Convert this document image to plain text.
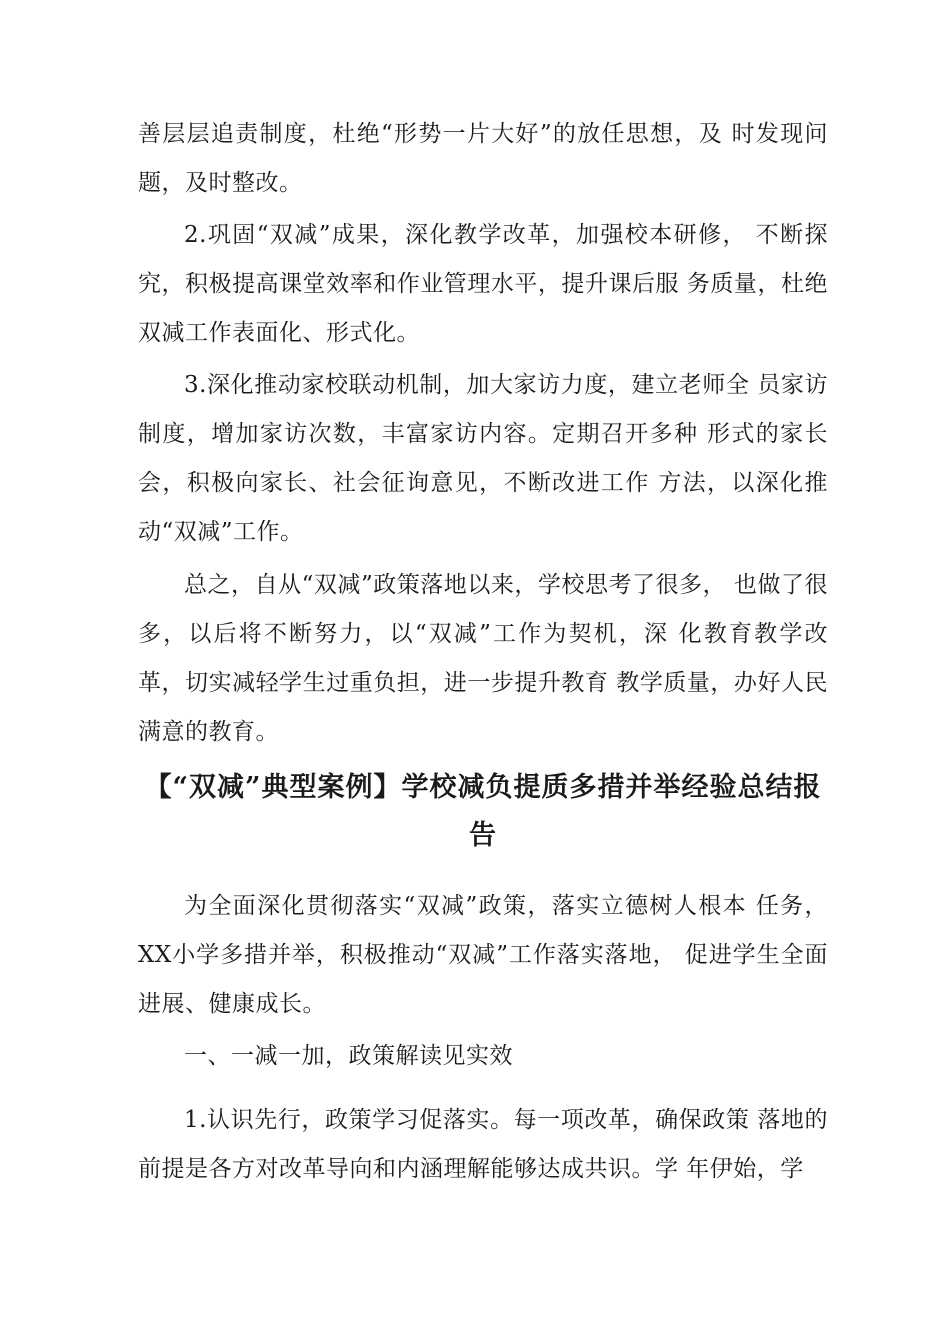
善层层追责制度，杜绝“形势一片大好”的放任思想，及 时发现问题，及时整改。

2.巩固“双减”成果，深化教学改革，加强校本研修， 不断探究，积极提高课堂效率和作业管理水平，提升课后服 务质量，杜绝双减工作表面化、形式化。

3.深化推动家校联动机制，加大家访力度，建立老师全 员家访制度，增加家访次数，丰富家访内容。定期召开多种 形式的家长会，积极向家长、社会征询意见，不断改进工作 方法，以深化推动“双减”工作。

总之，自从“双减”政策落地以来，学校思考了很多， 也做了很多，以后将不断努力，以“双减”工作为契机，深 化教育教学改革，切实减轻学生过重负担，进一步提升教育 教学质量，办好人民满意的教育。

【“双减”典型案例】学校减负提质多措并举经验总结报告

为全面深化贯彻落实“双减”政策，落实立德树人根本 任务，XX小学多措并举，积极推动“双减”工作落实落地， 促进学生全面进展、健康成长。

一、一减一加，政策解读见实效

1.认识先行，政策学习促落实。每一项改革，确保政策 落地的前提是各方对改革导向和内涵理解能够达成共识。学 年伊始，学
